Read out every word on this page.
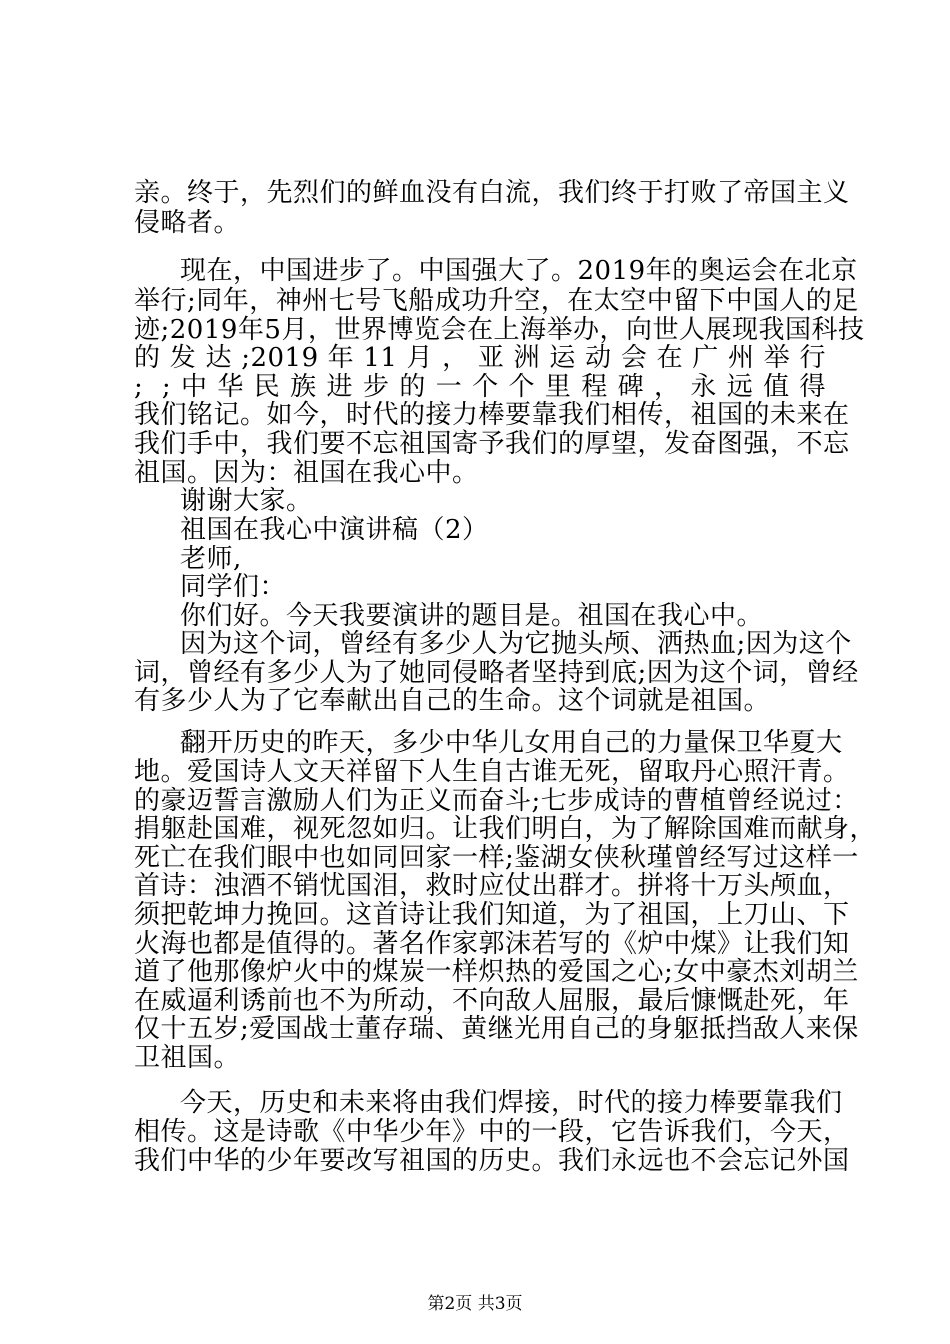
亲。终于，先烈们的鲜血没有白流，我们终于打败了帝国主义
侵略者。
现在，中国进步了。中国强大了。2019年的奥运会在北京
举行;同年，神州七号飞船成功升空，在太空中留下中国人的足
迹;2019年5月，世界博览会在上海举办，向世人展现我国科技
的 发 达 ;2019 年 11 月 ， 亚 洲 运 动 会 在 广 州 举 行
; ;中华民族进步的一个个里程碑，永远值得
我们铭记。如今，时代的接力棒要靠我们相传，祖国的未来在
我们手中，我们要不忘祖国寄予我们的厚望，发奋图强，不忘
祖国。因为：祖国在我心中。
谢谢大家。
祖国在我心中演讲稿（2）
老师,
同学们：
你们好。今天我要演讲的题目是。祖国在我心中。
因为这个词，曾经有多少人为它抛头颅、洒热血;因为这个
词，曾经有多少人为了她同侵略者坚持到底;因为这个词，曾经
有多少人为了它奉献出自己的生命。这个词就是祖国。
翻开历史的昨天，多少中华儿女用自己的力量保卫华夏大
地。爱国诗人文天祥留下人生自古谁无死，留取丹心照汗青。
的豪迈誓言激励人们为正义而奋斗;七步成诗的曹植曾经说过：
捐躯赴国难，视死忽如归。让我们明白，为了解除国难而献身，
死亡在我们眼中也如同回家一样;鉴湖女侠秋瑾曾经写过这样一
首诗：浊酒不销忧国泪，救时应仗出群才。拼将十万头颅血，
须把乾坤力挽回。这首诗让我们知道，为了祖国，上刀山、下
火海也都是值得的。著名作家郭沫若写的《炉中煤》让我们知
道了他那像炉火中的煤炭一样炽热的爱国之心;女中豪杰刘胡兰
在威逼利诱前也不为所动，不向敌人屈服，最后慷慨赴死，年
仅十五岁;爱国战士董存瑞、黄继光用自己的身躯抵挡敌人来保
卫祖国。
今天，历史和未来将由我们焊接，时代的接力棒要靠我们
相传。这是诗歌《中华少年》中的一段，它告诉我们，今天，
我们中华的少年要改写祖国的历史。我们永远也不会忘记外国
第2页 共3页
